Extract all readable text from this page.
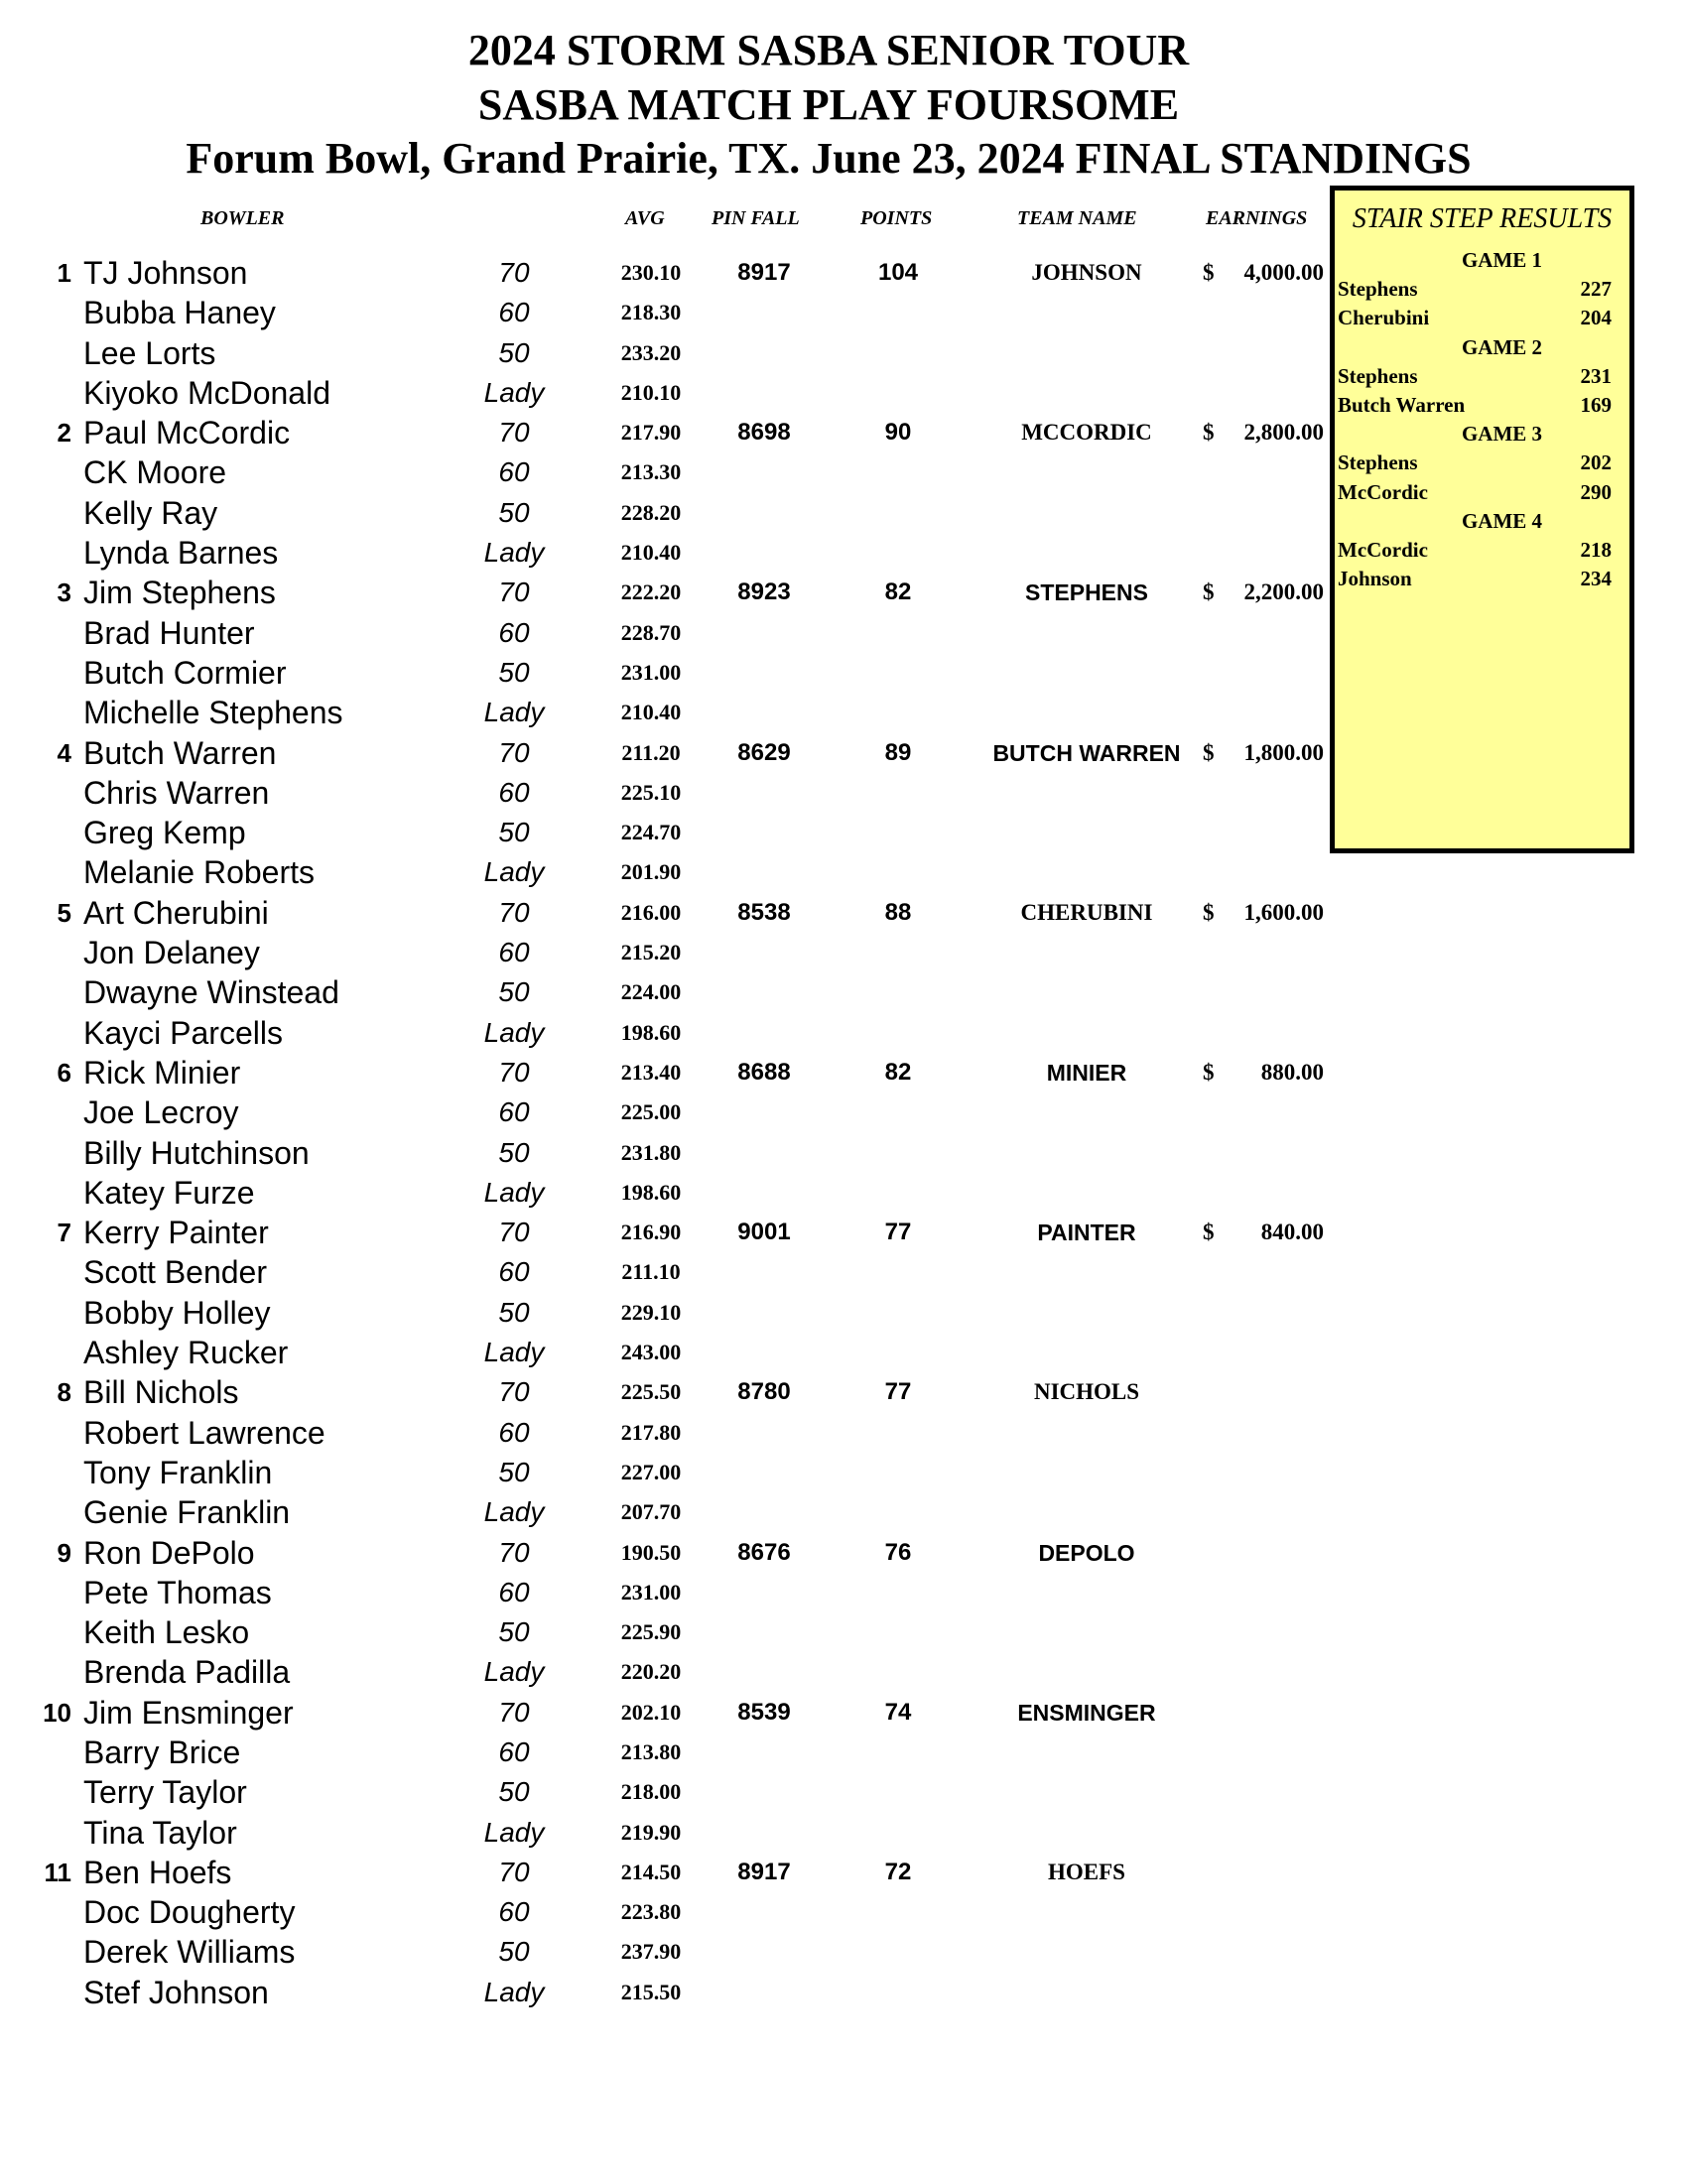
2024 STORM SASBA SENIOR TOUR
SASBA MATCH PLAY FOURSOME
Forum Bowl, Grand Prairie, TX. June 23, 2024 FINAL STANDINGS
BOWLER	AVG PIN FALL	POINTS	TEAM NAME	EARNINGS
1 TJ Johnson	70	230.10	8917	104	JOHNSON	$ 4,000.00
Bubba Haney	60	218.30
Lee Lorts	50	233.20
Kiyoko McDonald	Lady	210.10
2 Paul McCordic	70	217.90	8698	90	MCCORDIC	$ 2,800.00
CK Moore	60	213.30
Kelly Ray	50	228.20
Lynda Barnes	Lady	210.40
3 Jim Stephens	70	222.20	8923	82	STEPHENS	$ 2,200.00
Brad Hunter	60	228.70
Butch Cormier	50	231.00
Michelle Stephens	Lady	210.40
4 Butch Warren	70	211.20	8629	89	BUTCH WARREN $ 1,800.00
Chris Warren	60	225.10
Greg Kemp	50	224.70
Melanie Roberts	Lady	201.90
5 Art Cherubini	70	216.00	8538	88	CHERUBINI	$ 1,600.00
Jon Delaney	60	215.20
Dwayne Winstead	50	224.00
Kayci Parcells	Lady	198.60
6 Rick Minier	70	213.40	8688	82	MINIER	$ 880.00
Joe Lecroy	60	225.00
Billy Hutchinson	50	231.80
Katey Furze	Lady	198.60
7 Kerry Painter	70	216.90	9001	77	PAINTER	$ 840.00
Scott Bender	60	211.10
Bobby Holley	50	229.10
Ashley Rucker	Lady	243.00
8 Bill Nichols	70	225.50	8780	77	NICHOLS
Robert Lawrence	60	217.80
Tony Franklin	50	227.00
Genie Franklin	Lady	207.70
9 Ron DePolo	70	190.50	8676	76	DEPOLO
Pete Thomas	60	231.00
Keith Lesko	50	225.90
Brenda Padilla	Lady	220.20
10 Jim Ensminger	70	202.10	8539	74	ENSMINGER
Barry Brice	60	213.80
Terry Taylor	50	218.00
Tina Taylor	Lady	219.90
11 Ben Hoefs	70	214.50	8917	72	HOEFS
Doc Dougherty	60	223.80
Derek Williams	50	237.90
Stef Johnson	Lady	215.50
STAIR STEP RESULTS
GAME 1
Stephens	227
Cherubini	204
GAME 2
Stephens	231
Butch Warren	169
GAME 3
Stephens	202
McCordic	290
GAME 4
McCordic	218
Johnson	234
